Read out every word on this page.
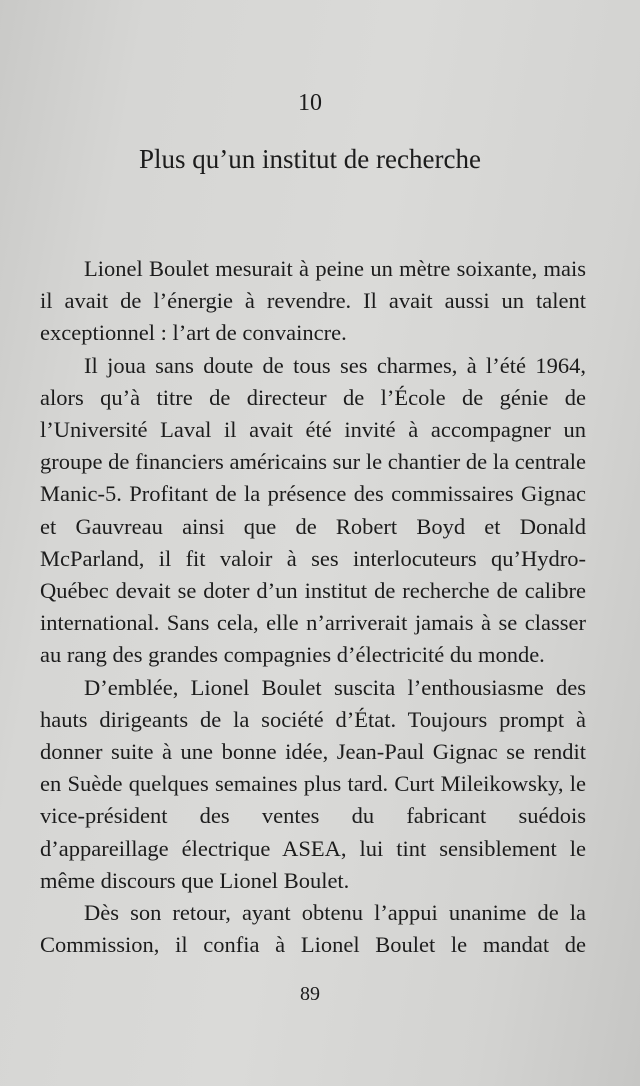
10
Plus qu’un institut de recherche

Lionel Boulet mesurait à peine un mètre soixante, mais il avait de l’énergie à revendre. Il avait aussi un talent exceptionnel : l’art de convaincre.

Il joua sans doute de tous ses charmes, à l’été 1964, alors qu’à titre de directeur de l’École de génie de l’Université Laval il avait été invité à accompagner un groupe de financiers américains sur le chantier de la centrale Manic-5. Profitant de la présence des commissaires Gignac et Gauvreau ainsi que de Robert Boyd et Donald McParland, il fit valoir à ses interlocuteurs qu’Hydro-Québec devait se doter d’un institut de recherche de calibre international. Sans cela, elle n’arriverait jamais à se classer au rang des grandes compagnies d’électricité du monde.

D’emblée, Lionel Boulet suscita l’enthousiasme des hauts dirigeants de la société d’État. Toujours prompt à donner suite à une bonne idée, Jean-Paul Gignac se rendit en Suède quelques semaines plus tard. Curt Mileikowsky, le vice-président des ventes du fabricant suédois d’appareillage électrique ASEA, lui tint sensiblement le même discours que Lionel Boulet.

Dès son retour, ayant obtenu l’appui unanime de la Commission, il confia à Lionel Boulet le mandat de

89
